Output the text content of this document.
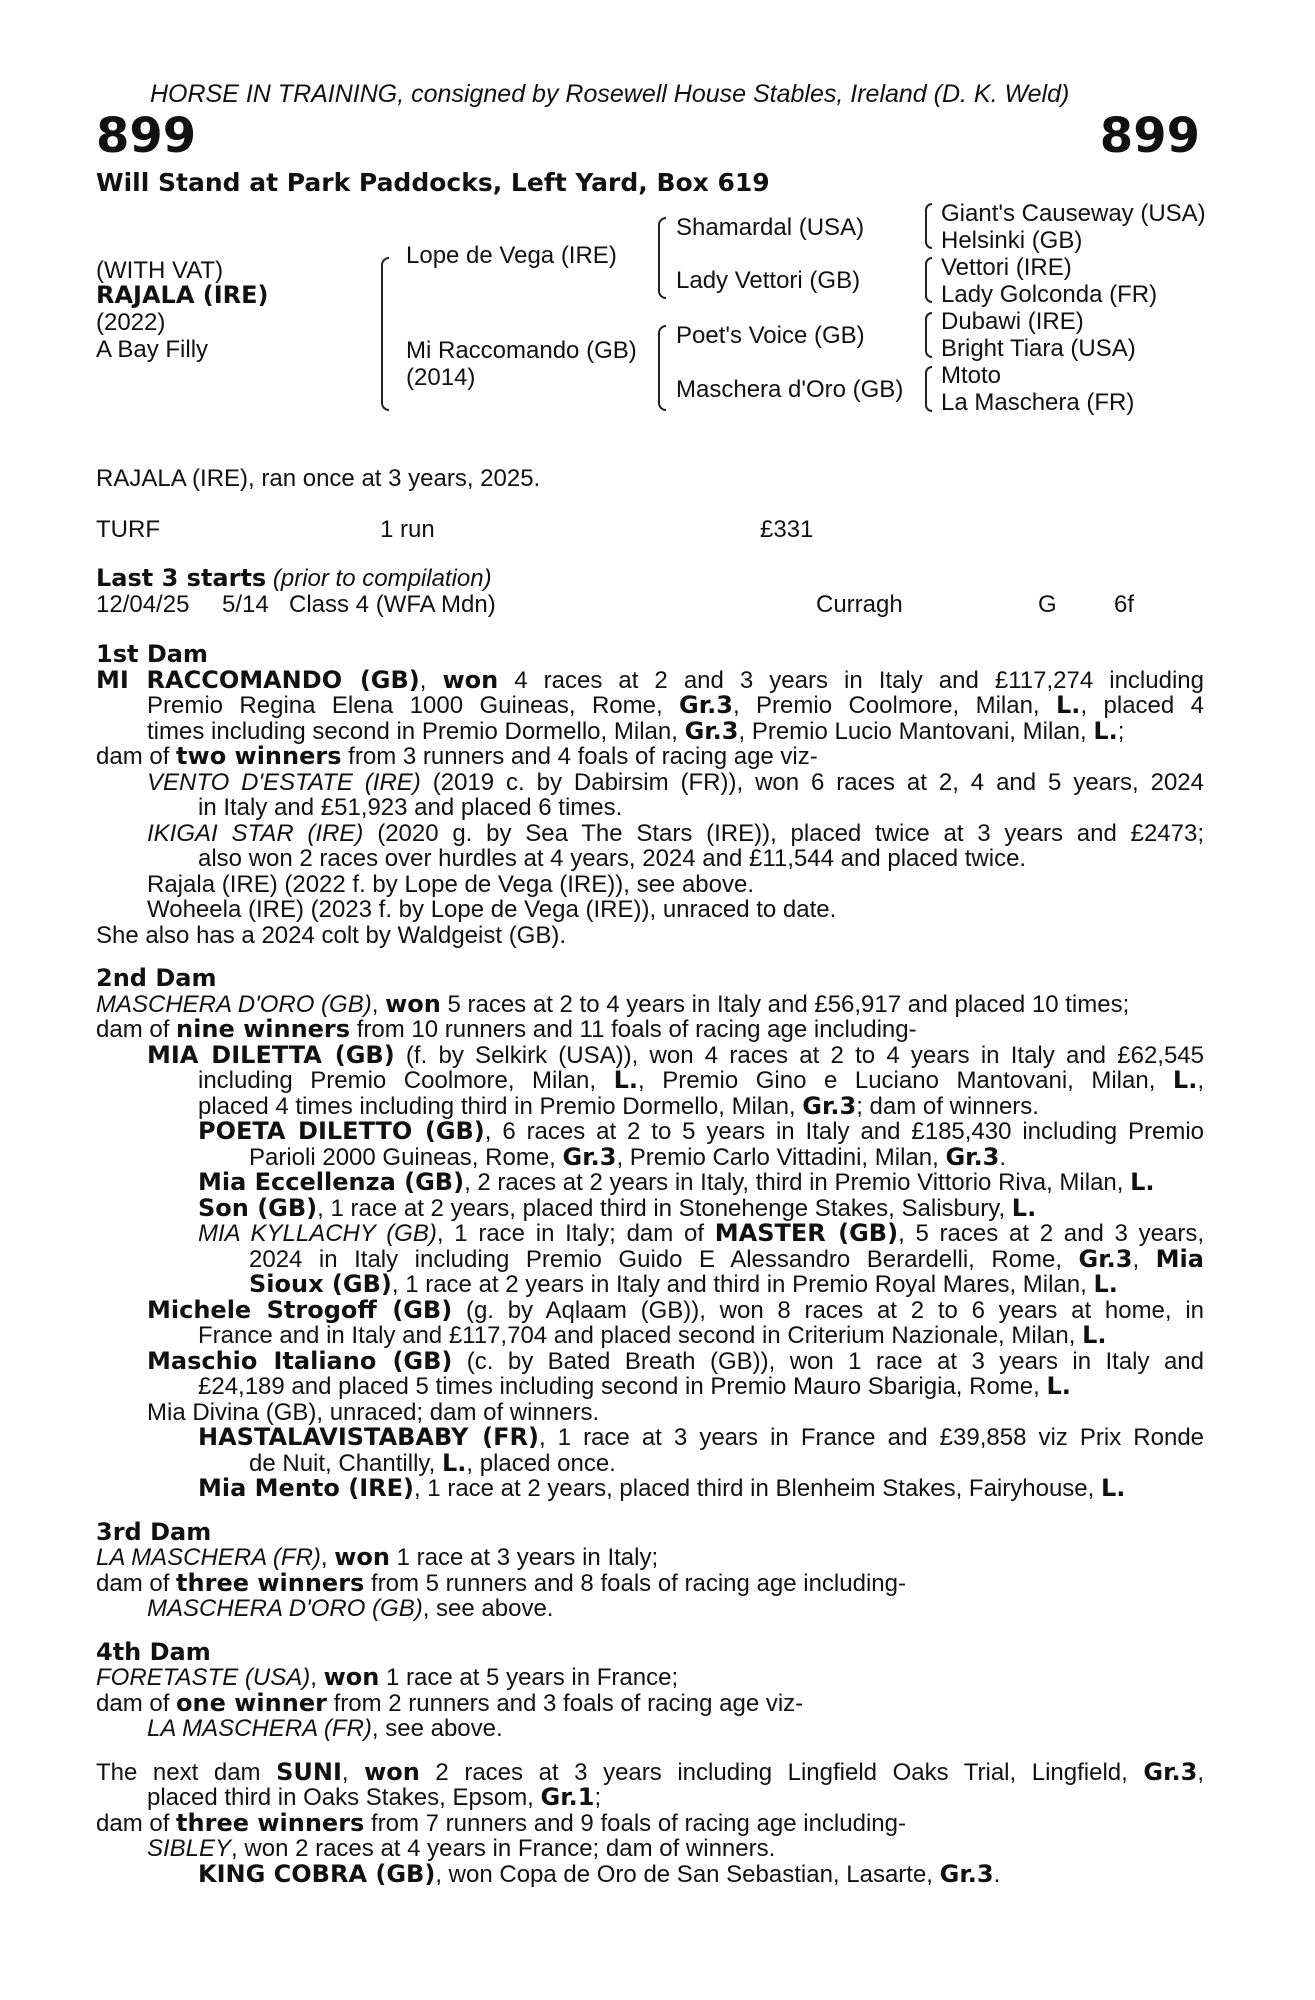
HORSE IN TRAINING, consigned by Rosewell House Stables, Ireland (D. K. Weld)
899	899
Will Stand at Park Paddocks, Left Yard, Box 619
(WITH VAT)
RAJALA (IRE)
(2022)
A Bay Filly
Lope de Vega (IRE)
Mi Raccomando (GB)
(2014)
Shamardal (USA)
Lady Vettori (GB)
Poet's Voice (GB)
Maschera d'Oro (GB)
Giant's Causeway (USA)
Helsinki (GB)
Vettori (IRE)
Lady Golconda (FR)
Dubawi (IRE)
Bright Tiara (USA)
Mtoto
La Maschera (FR)
RAJALA (IRE), ran once at 3 years, 2025.
TURF	1 run	£331
Last 3 starts (prior to compilation)
12/04/25 5/14 Class 4 (WFA Mdn)	Curragh	G 6f
1st Dam
MI RACCOMANDO (GB), won 4 races at 2 and 3 years in Italy and £117,274 including
Premio Regina Elena 1000 Guineas, Rome, Gr.3, Premio Coolmore, Milan, L., placed 4
times including second in Premio Dormello, Milan, Gr.3, Premio Lucio Mantovani, Milan, L.;
dam of two winners from 3 runners and 4 foals of racing age viz-
VENTO D'ESTATE (IRE) (2019 c. by Dabirsim (FR)), won 6 races at 2, 4 and 5 years, 2024
in Italy and £51,923 and placed 6 times.
IKIGAI STAR (IRE) (2020 g. by Sea The Stars (IRE)), placed twice at 3 years and £2473;
also won 2 races over hurdles at 4 years, 2024 and £11,544 and placed twice.
Rajala (IRE) (2022 f. by Lope de Vega (IRE)), see above.
Woheela (IRE) (2023 f. by Lope de Vega (IRE)), unraced to date.
She also has a 2024 colt by Waldgeist (GB).
2nd Dam
MASCHERA D'ORO (GB), won 5 races at 2 to 4 years in Italy and £56,917 and placed 10 times;
dam of nine winners from 10 runners and 11 foals of racing age including-
MIA DILETTA (GB) (f. by Selkirk (USA)), won 4 races at 2 to 4 years in Italy and £62,545
including Premio Coolmore, Milan, L., Premio Gino e Luciano Mantovani, Milan, L.,
placed 4 times including third in Premio Dormello, Milan, Gr.3; dam of winners.
POETA DILETTO (GB), 6 races at 2 to 5 years in Italy and £185,430 including Premio
Parioli 2000 Guineas, Rome, Gr.3, Premio Carlo Vittadini, Milan, Gr.3.
Mia Eccellenza (GB), 2 races at 2 years in Italy, third in Premio Vittorio Riva, Milan, L.
Son (GB), 1 race at 2 years, placed third in Stonehenge Stakes, Salisbury, L.
MIA KYLLACHY (GB), 1 race in Italy; dam of MASTER (GB), 5 races at 2 and 3 years,
2024 in Italy including Premio Guido E Alessandro Berardelli, Rome, Gr.3, Mia
Sioux (GB), 1 race at 2 years in Italy and third in Premio Royal Mares, Milan, L.
Michele Strogoff (GB) (g. by Aqlaam (GB)), won 8 races at 2 to 6 years at home, in
France and in Italy and £117,704 and placed second in Criterium Nazionale, Milan, L.
Maschio Italiano (GB) (c. by Bated Breath (GB)), won 1 race at 3 years in Italy and
£24,189 and placed 5 times including second in Premio Mauro Sbarigia, Rome, L.
Mia Divina (GB), unraced; dam of winners.
HASTALAVISTABABY (FR), 1 race at 3 years in France and £39,858 viz Prix Ronde
de Nuit, Chantilly, L., placed once.
Mia Mento (IRE), 1 race at 2 years, placed third in Blenheim Stakes, Fairyhouse, L.
3rd Dam
LA MASCHERA (FR), won 1 race at 3 years in Italy;
dam of three winners from 5 runners and 8 foals of racing age including-
MASCHERA D'ORO (GB), see above.
4th Dam
FORETASTE (USA), won 1 race at 5 years in France;
dam of one winner from 2 runners and 3 foals of racing age viz-
LA MASCHERA (FR), see above.
The next dam SUNI, won 2 races at 3 years including Lingfield Oaks Trial, Lingfield, Gr.3,
placed third in Oaks Stakes, Epsom, Gr.1;
dam of three winners from 7 runners and 9 foals of racing age including-
SIBLEY, won 2 races at 4 years in France; dam of winners.
KING COBRA (GB), won Copa de Oro de San Sebastian, Lasarte, Gr.3.
